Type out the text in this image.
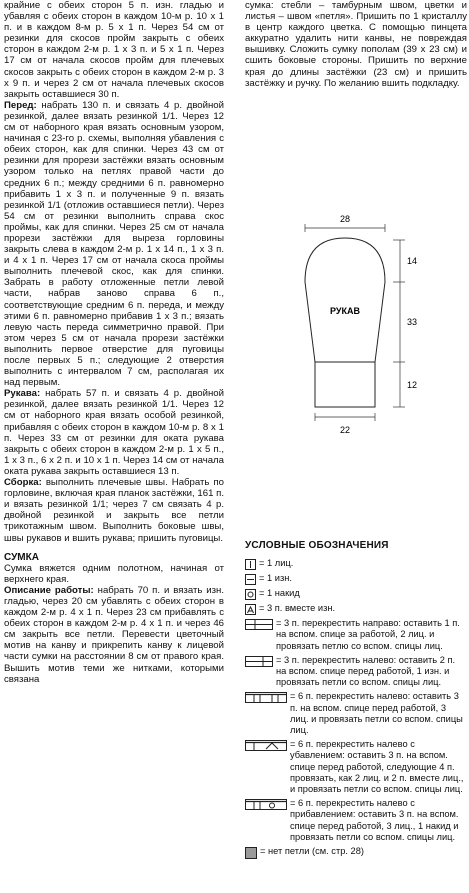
крайние с обеих сторон 5 п. изн. гладью и убавляя с обеих сторон в каждом 10-м р. 10 х 1 п. и в каждом 8-м р. 5 х 1 п. Через 54 см от резинки для скосов пройм закрыть с обеих сторон в каждом 2-м р. 1 х 3 п. и 5 х 1 п. Через 17 см от начала скосов пройм для плечевых скосов закрыть с обеих сторон в каждом 2-м р. 3 х 9 п. и через 2 см от начала плечевых скосов закрыть оставшиеся 30 п.

Перед: набрать 130 п. и связать 4 р. двойной резинкой, далее вязать резинкой 1/1. Через 12 см от наборного края вязать основным узором, начиная с 23-го р. схемы, выполняя убавления с обеих сторон, как для спинки. Через 43 см от резинки для прорези застёжки вязать основным узором только на петлях правой части до средних 6 п.; между средними 6 п. равномерно прибавить 1 х 3 п. и полученные 9 п. вязать резинкой 1/1 (отложив оставшиеся петли). Через 54 см от резинки выполнить справа скос проймы, как для спинки. Через 25 см от начала прорези застёжки для выреза горловины закрыть слева в каждом 2-м р. 1 х 14 п., 1 х 3 п. и 4 х 1 п. Через 17 см от начала скоса проймы выполнить плечевой скос, как для спинки. Забрать в работу отложенные петли левой части, набрав заново справа 6 п., соответствующие средним 6 п. переда, и между этими 6 п. равномерно прибавив 1 х 3 п.; вязать левую часть переда симметрично правой. При этом через 5 см от начала прорези застёжки выполнить первое отверстие для пуговицы после первых 5 п.; следующие 2 отверстия выполнить с интервалом 7 см, располагая их над первым.

Рукава: набрать 57 п. и связать 4 р. двойной резинкой, далее вязать резинкой 1/1. Через 12 см от наборного края вязать особой резинкой, прибавляя с обеих сторон в каждом 10-м р. 8 х 1 п. Через 33 см от резинки для оката рукава закрыть с обеих сторон в каждом 2-м р. 1 х 5 п., 1 х 3 п., 6 х 2 п. и 10 х 1 п. Через 14 см от начала оката рукава закрыть оставшиеся 13 п.

Сборка: выполнить плечевые швы. Набрать по горловине, включая края планок застёжки, 161 п. и вязать резинкой 1/1; через 7 см связать 4 р. двойной резинкой и закрыть все петли трикотажным швом. Выполнить боковые швы, швы рукавов и вшить рукава; пришить пуговицы.

СУМКА

Сумка вяжется одним полотном, начиная от верхнего края.

Описание работы: набрать 70 п. и вязать изн. гладью, через 20 см убавлять с обеих сторон в каждом 2-м р. 4 х 1 п. Через 23 см прибавлять с обеих сторон в каждом 2-м р. 4 х 1 п. и через 46 см закрыть все петли. Перевести цветочный мотив на канву и прикрепить канву к лицевой части сумки на расстоянии 8 см от правого края. Вышить мотив теми же нитками, которыми связана

сумка: стебли – тамбурным швом, цветки и листья – швом «петля». Пришить по 1 кристаллу в центр каждого цветка. С помощью пинцета аккуратно удалить нити канвы, не повреждая вышивку. Сложить сумку пополам (39 х 23 см) и сшить боковые стороны. Пришить по верхние края до длины застёжки (23 см) и пришить застёжку и ручку. По желанию вшить подкладку.

28
РУКАВ
14
33
12
22
УСЛОВНЫЕ ОБОЗНАЧЕНИЯ
= 1 лиц.
= 1 изн.
= 1 накид
= 3 п. вместе изн.
= 3 п. перекрестить направо: оставить 1 п. на вспом. спице за работой, 2 лиц. и провязать петлю со вспом. спицы лиц.
= 3 п. перекрестить налево: оставить 2 п. на вспом. спице перед работой, 1 изн. и провязать петли со вспом. спицы лиц.
= 6 п. перекрестить налево: оставить 3 п. на вспом. спице перед работой, 3 лиц. и провязать петли со вспом. спицы лиц.
= 6 п. перекрестить налево с убавлением: оставить 3 п. на вспом. спице перед работой, следующие 4 п. провязать, как 2 лиц. и 2 п. вместе лиц., и провязать петли со вспом. спицы лиц.
= 6 п. перекрестить налево с прибавлением: оставить 3 п. на вспом. спице перед работой, 3 лиц., 1 накид и провязать петли со вспом. спицы лиц.
= нет петли (см. стр. 28)
